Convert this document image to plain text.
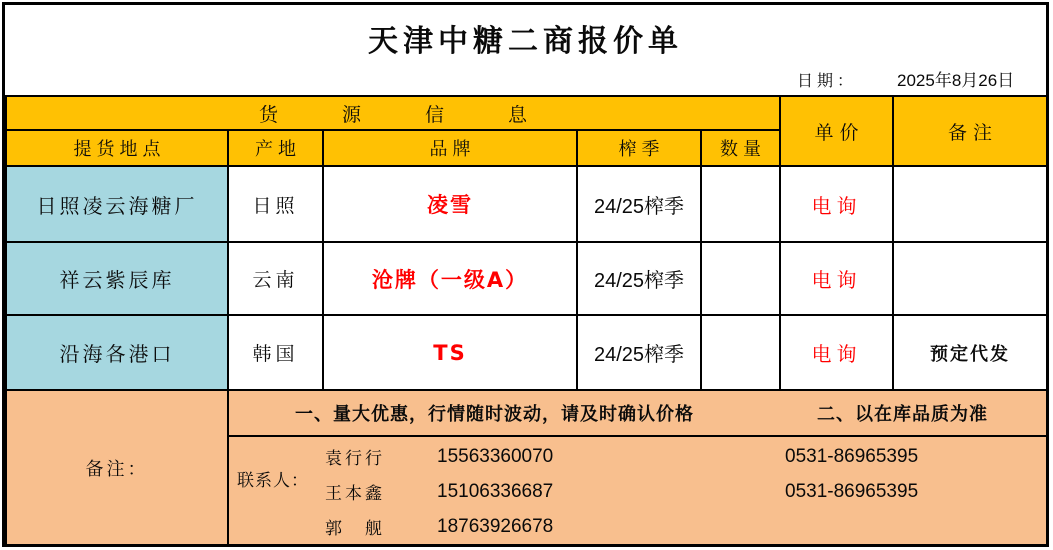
天津中糖二商报价单
日期： 2025年8月26日
货源信息					单价	备注
提货地点	产地	品牌	榨季	数量		
日照凌云海糖厂	日照	凌雪	24/25榨季		电询	
祥云紫辰库	云南	沧牌（一级A）	24/25榨季		电询	
沿海各港口	韩国	TS	24/25榨季		电询	预定代发
备注：	一、量大优惠，行情随时波动，请及时确认价格 二、以在库品质为准					

联系人：
袁行行	15563360070	0531-86965395
王本鑫	15106336687	0531-86965395
郭　舰	18763926678
